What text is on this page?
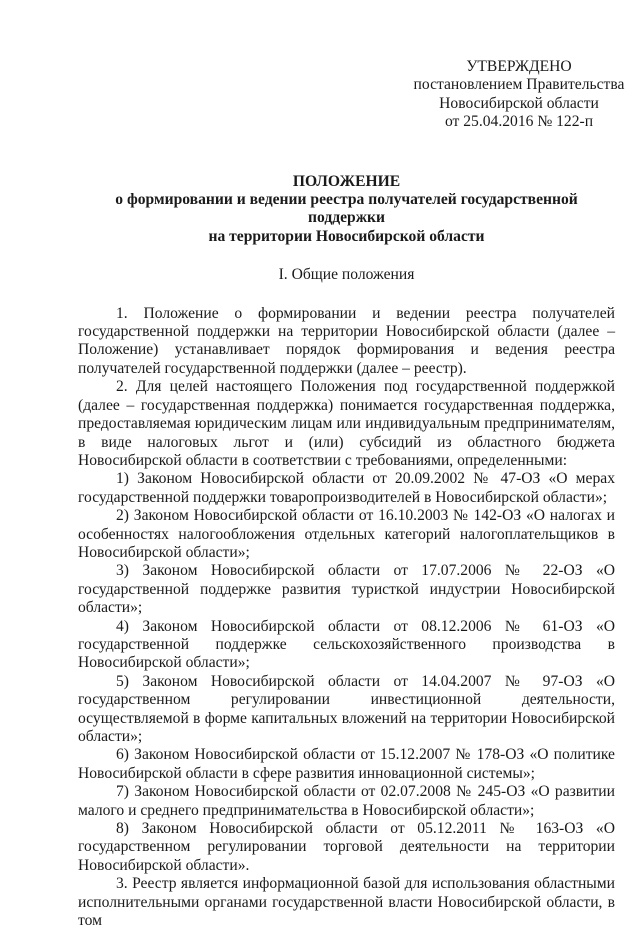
УТВЕРЖДЕНО
постановлением Правительства
Новосибирской области
от 25.04.2016 № 122-п
ПОЛОЖЕНИЕ
о формировании и ведении реестра получателей государственной поддержки
на территории Новосибирской области
I. Общие положения

1. Положение о формировании и ведении реестра получателей государственной поддержки на территории Новосибирской области (далее – Положение) устанавливает порядок формирования и ведения реестра получателей государственной поддержки (далее – реестр).

2. Для целей настоящего Положения под государственной поддержкой (далее – государственная поддержка) понимается государственная поддержка, предоставляемая юридическим лицам или индивидуальным предпринимателям, в виде налоговых льгот и (или) субсидий из областного бюджета Новосибирской области в соответствии с требованиями, определенными:

1) Законом Новосибирской области от 20.09.2002 № 47-ОЗ «О мерах государственной поддержки товаропроизводителей в Новосибирской области»;

2) Законом Новосибирской области от 16.10.2003 № 142-ОЗ «О налогах и особенностях налогообложения отдельных категорий налогоплательщиков в Новосибирской области»;

3) Законом Новосибирской области от 17.07.2006 № 22-ОЗ «О государственной поддержке развития туристкой индустрии Новосибирской области»;

4) Законом Новосибирской области от 08.12.2006 № 61-ОЗ «О государственной поддержке сельскохозяйственного производства в Новосибирской области»;

5) Законом Новосибирской области от 14.04.2007 № 97-ОЗ «О государственном регулировании инвестиционной деятельности, осуществляемой в форме капитальных вложений на территории Новосибирской области»;

6) Законом Новосибирской области от 15.12.2007 № 178-ОЗ «О политике Новосибирской области в сфере развития инновационной системы»;

7) Законом Новосибирской области от 02.07.2008 № 245-ОЗ «О развитии малого и среднего предпринимательства в Новосибирской области»;

8) Законом Новосибирской области от 05.12.2011 № 163-ОЗ «О государственном регулировании торговой деятельности на территории Новосибирской области».

3. Реестр является информационной базой для использования областными исполнительными органами государственной власти Новосибирской области, в том
